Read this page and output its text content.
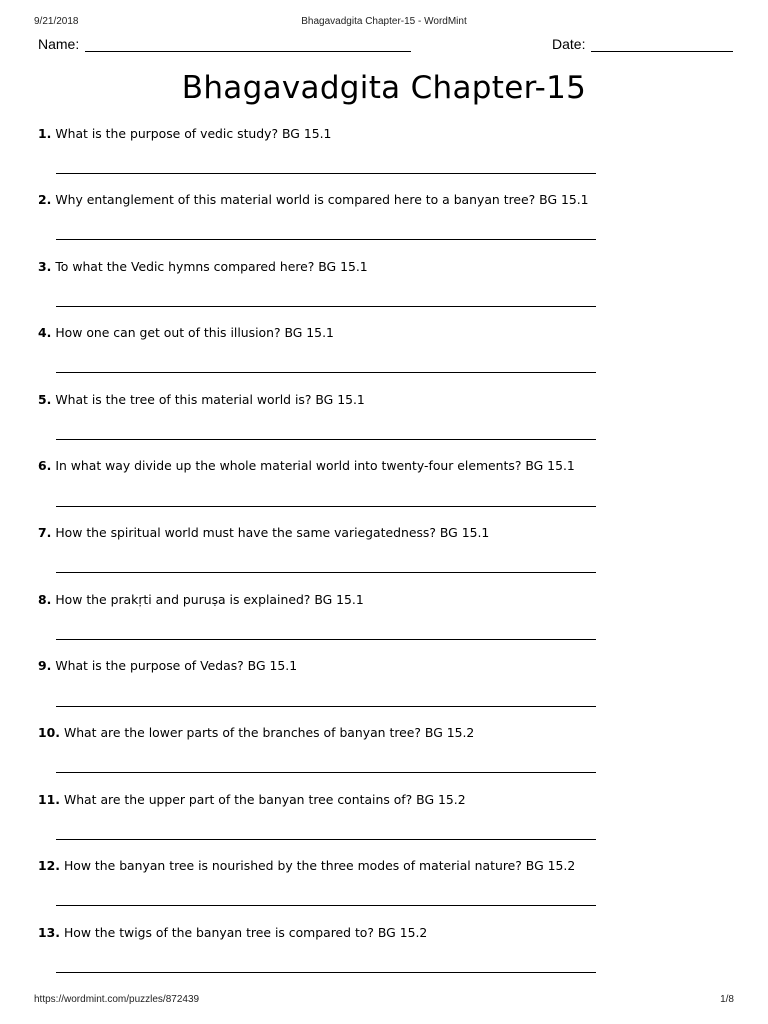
9/21/2018	Bhagavadgita Chapter-15 - WordMint
Name:	Date:
Bhagavadgita Chapter-15
1. What is the purpose of vedic study? BG 15.1
2. Why entanglement of this material world is compared here to a banyan tree? BG 15.1
3. To what the Vedic hymns compared here? BG 15.1
4. How one can get out of this illusion? BG 15.1
5. What is the tree of this material world is? BG 15.1
6. In what way divide up the whole material world into twenty-four elements? BG 15.1
7. How the spiritual world must have the same variegatedness? BG 15.1
8. How the prakṛti and puruṣa is explained? BG 15.1
9. What is the purpose of Vedas? BG 15.1
10. What are the lower parts of the branches of banyan tree? BG 15.2
11. What are the upper part of the banyan tree contains of? BG 15.2
12. How the banyan tree is nourished by the three modes of material nature? BG 15.2
13. How the twigs of the banyan tree is compared to? BG 15.2
https://wordmint.com/puzzles/872439	1/8
